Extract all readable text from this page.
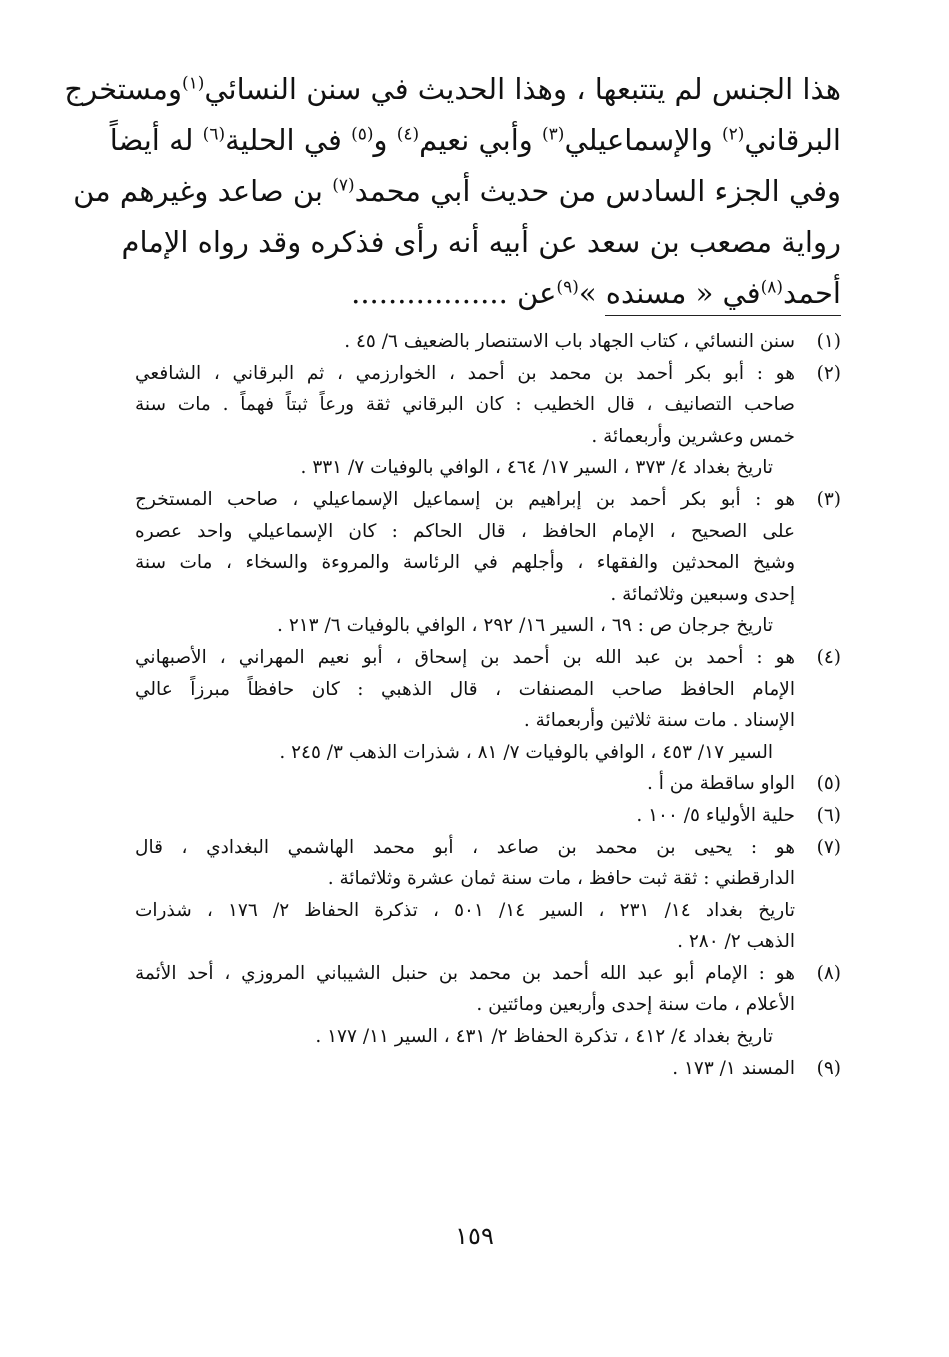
هذا الجنس لم يتتبعها ، وهذا الحديث في سنن النسائي$^{(١)}$ومستخرج
البرقاني$^{(٢)}$ والإسماعيلي$^{(٣)}$ وأبي نعيم$^{(٤)}$ و$^{(٥)}$ في الحلية$^{(٦)}$ له أيضاً
وفي الجزء السادس من حديث أبي محمد$^{(٧)}$ بن صاعد وغيرهم من
رواية مصعب بن سعد عن أبيه أنه رأى فذكره وقد رواه الإمام
أحمد$^{(٨)}$في « مسنده »$^{(٩)}$عن .................
(١)
سنن النسائي ، كتاب الجهاد باب الاستنصار بالضعيف ٦/ ٤٥ .
(٢)
هو : أبو بكر أحمد بن محمد بن أحمد ، الخوارزمي ، ثم البرقاني ، الشافعي
صاحب التصانيف ، قال الخطيب : كان البرقاني ثقة ورعاً ثبتاً فهماً . مات سنة
خمس وعشرين وأربعمائة .
تاريخ بغداد ٤/ ٣٧٣ ، السير ١٧/ ٤٦٤ ، الوافي بالوفيات ٧/ ٣٣١ .
(٣)
هو : أبو بكر أحمد بن إبراهيم بن إسماعيل الإسماعيلي ، صاحب المستخرج
على الصحيح ، الإمام الحافظ ، قال الحاكم : كان الإسماعيلي واحد عصره
وشيخ المحدثين والفقهاء ، وأجلهم في الرئاسة والمروءة والسخاء ، مات سنة
إحدى وسبعين وثلاثمائة .
تاريخ جرجان ص : ٦٩ ، السير ١٦/ ٢٩٢ ، الوافي بالوفيات ٦/ ٢١٣ .
(٤)
هو : أحمد بن عبد الله بن أحمد بن إسحاق ، أبو نعيم المهراني ، الأصبهاني
الإمام الحافظ صاحب المصنفات ، قال الذهبي : كان حافظاً مبرزاً عالي
الإسناد . مات سنة ثلاثين وأربعمائة .
السير ١٧/ ٤٥٣ ، الوافي بالوفيات ٧/ ٨١ ، شذرات الذهب ٣/ ٢٤٥ .
(٥)
الواو ساقطة من أ .
(٦)
حلية الأولياء ٥/ ١٠٠ .
(٧)
هو : يحيى بن محمد بن صاعد ، أبو محمد الهاشمي البغدادي ، قال
الدارقطني : ثقة ثبت حافظ ، مات سنة ثمان عشرة وثلاثمائة .
تاريخ بغداد ١٤/ ٢٣١ ، السير ١٤/ ٥٠١ ، تذكرة الحفاظ ٢/ ١٧٦ ، شذرات
الذهب ٢/ ٢٨٠ .
(٨)
هو : الإمام أبو عبد الله أحمد بن محمد بن حنبل الشيباني المروزي ، أحد الأئمة
الأعلام ، مات سنة إحدى وأربعين ومائتين .
تاريخ بغداد ٤/ ٤١٢ ، تذكرة الحفاظ ٢/ ٤٣١ ، السير ١١/ ١٧٧ .
(٩)
المسند ١/ ١٧٣ .
١٥٩
